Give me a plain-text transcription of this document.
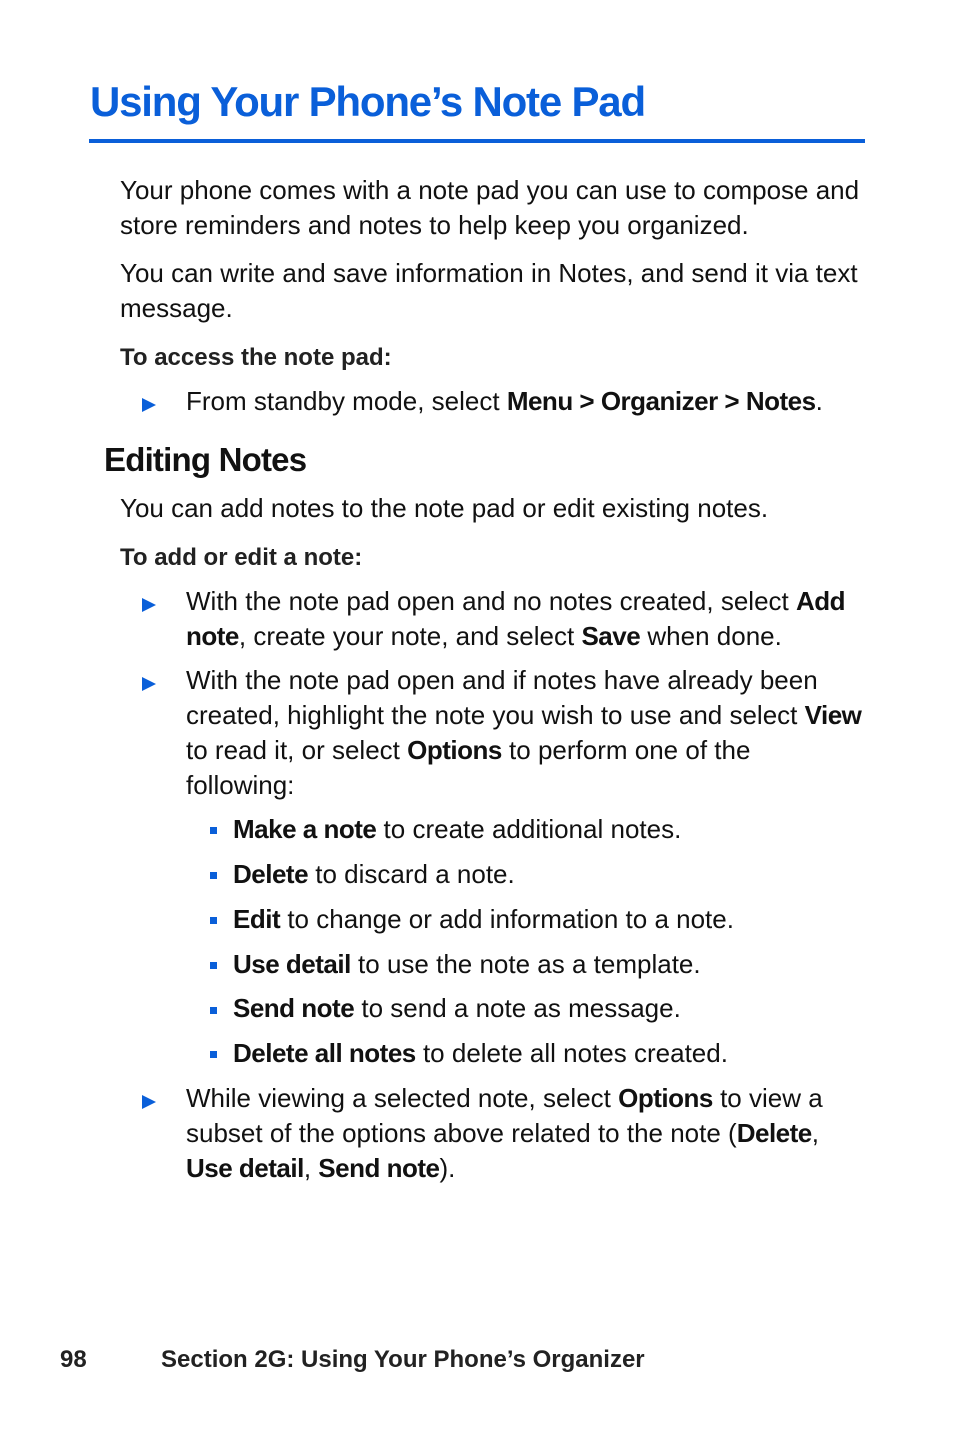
Using Your Phone’s Note Pad

Your phone comes with a note pad you can use to compose and store reminders and notes to help keep you organized.

You can write and save information in Notes, and send it via text message.

To access the note pad:

From standby mode, select Menu > Organizer > Notes.

Editing Notes

You can add notes to the note pad or edit existing notes.

To add or edit a note:

With the note pad open and no notes created, select Add note, create your note, and select Save when done.

With the note pad open and if notes have already been created, highlight the note you wish to use and select View to read it, or select Options to perform one of the following:

Make a note to create additional notes.

Delete to discard a note.

Edit to change or add information to a note.

Use detail to use the note as a template.

Send note to send a note as message.

Delete all notes to delete all notes created.

While viewing a selected note, select Options to view a subset of the options above related to the note (Delete, Use detail, Send note).

98	Section 2G: Using Your Phone’s Organizer
